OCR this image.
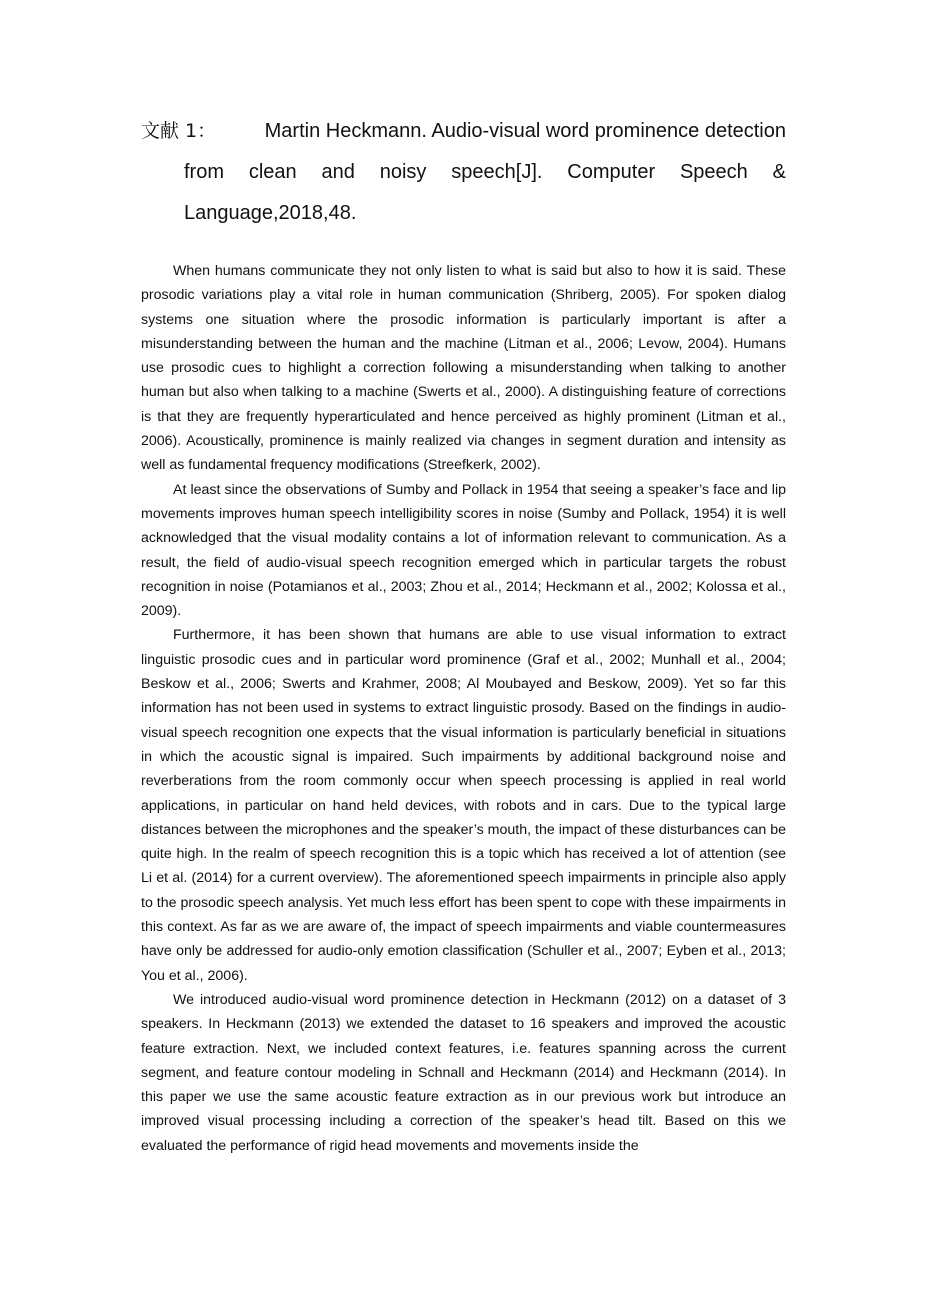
文献 1： Martin Heckmann. Audio-visual word prominence detection
from clean and noisy speech[J]. Computer Speech &
Language,2018,48.

When humans communicate they not only listen to what is said but also to how it is said. These prosodic variations play a vital role in human communication (Shriberg, 2005). For spoken dialog systems one situation where the prosodic information is particularly important is after a misunderstanding between the human and the machine (Litman et al., 2006; Levow, 2004). Humans use prosodic cues to highlight a correction following a misunderstanding when talking to another human but also when talking to a machine (Swerts et al., 2000). A distinguishing feature of corrections is that they are frequently hyperarticulated and hence perceived as highly prominent (Litman et al., 2006). Acoustically, prominence is mainly realized via changes in segment duration and intensity as well as fundamental frequency modifications (Streefkerk, 2002).

At least since the observations of Sumby and Pollack in 1954 that seeing a speaker’s face and lip movements improves human speech intelligibility scores in noise (Sumby and Pollack, 1954) it is well acknowledged that the visual modality contains a lot of information relevant to communication. As a result, the field of audio-visual speech recognition emerged which in particular targets the robust recognition in noise (Potamianos et al., 2003; Zhou et al., 2014; Heckmann et al., 2002; Kolossa et al., 2009).

Furthermore, it has been shown that humans are able to use visual information to extract linguistic prosodic cues and in particular word prominence (Graf et al., 2002; Munhall et al., 2004; Beskow et al., 2006; Swerts and Krahmer, 2008; Al Moubayed and Beskow, 2009). Yet so far this information has not been used in systems to extract linguistic prosody. Based on the findings in audio-visual speech recognition one expects that the visual information is particularly beneficial in situations in which the acoustic signal is impaired. Such impairments by additional background noise and reverberations from the room commonly occur when speech processing is applied in real world applications, in particular on hand held devices, with robots and in cars. Due to the typical large distances between the microphones and the speaker’s mouth, the impact of these disturbances can be quite high. In the realm of speech recognition this is a topic which has received a lot of attention (see Li et al. (2014) for a current overview). The aforementioned speech impairments in principle also apply to the prosodic speech analysis. Yet much less effort has been spent to cope with these impairments in this context. As far as we are aware of, the impact of speech impairments and viable countermeasures have only be addressed for audio-only emotion classification (Schuller et al., 2007; Eyben et al., 2013; You et al., 2006).

We introduced audio-visual word prominence detection in Heckmann (2012) on a dataset of 3 speakers. In Heckmann (2013) we extended the dataset to 16 speakers and improved the acoustic feature extraction. Next, we included context features, i.e. features spanning across the current segment, and feature contour modeling in Schnall and Heckmann (2014) and Heckmann (2014). In this paper we use the same acoustic feature extraction as in our previous work but introduce an improved visual processing including a correction of the speaker’s head tilt. Based on this we evaluated the performance of rigid head movements and movements inside the
